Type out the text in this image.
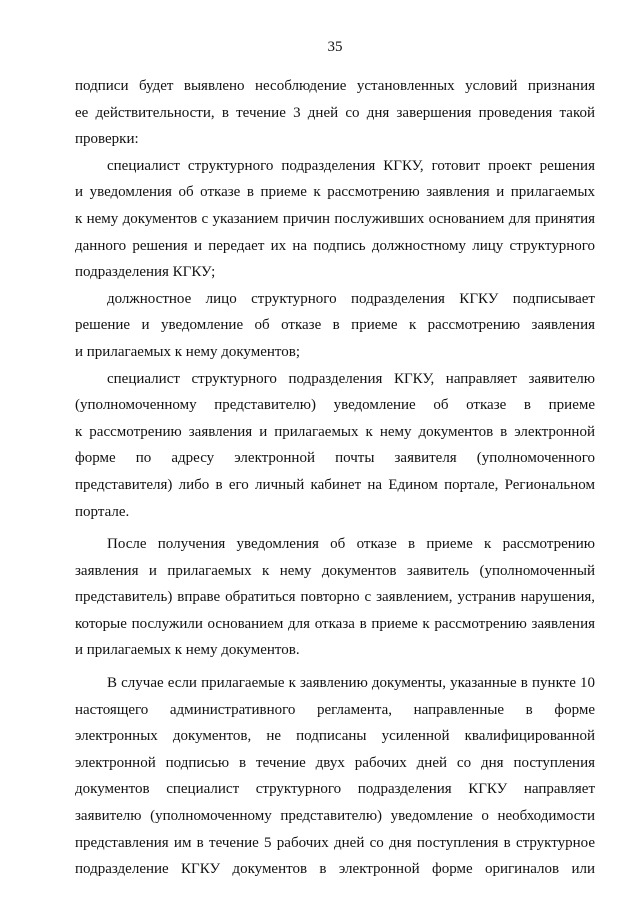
35

подписи будет выявлено несоблюдение установленных условий признания
ее действительности, в течение 3 дней со дня завершения проведения такой
проверки:

специалист структурного подразделения КГКУ, готовит проект решения
и уведомления об отказе в приеме к рассмотрению заявления и прилагаемых
к нему документов с указанием причин послуживших основанием для принятия
данного решения и передает их на подпись должностному лицу структурного
подразделения КГКУ;

должностное лицо структурного подразделения КГКУ подписывает
решение и уведомление об отказе в приеме к рассмотрению заявления
и прилагаемых к нему документов;

специалист структурного подразделения КГКУ, направляет заявителю
(уполномоченному представителю) уведомление об отказе в приеме
к рассмотрению заявления и прилагаемых к нему документов в электронной
форме по адресу электронной почты заявителя (уполномоченного
представителя) либо в его личный кабинет на Едином портале, Региональном
портале.

После получения уведомления об отказе в приеме к рассмотрению
заявления и прилагаемых к нему документов заявитель (уполномоченный
представитель) вправе обратиться повторно с заявлением, устранив нарушения,
которые послужили основанием для отказа в приеме к рассмотрению заявления
и прилагаемых к нему документов.

В случае если прилагаемые к заявлению документы, указанные в пункте 10
настоящего административного регламента, направленные в форме
электронных документов, не подписаны усиленной квалифицированной
электронной подписью в течение двух рабочих дней со дня поступления
документов специалист структурного подразделения КГКУ направляет
заявителю (уполномоченному представителю) уведомление о необходимости
представления им в течение 5 рабочих дней со дня поступления в структурное
подразделение КГКУ документов в электронной форме оригиналов или
